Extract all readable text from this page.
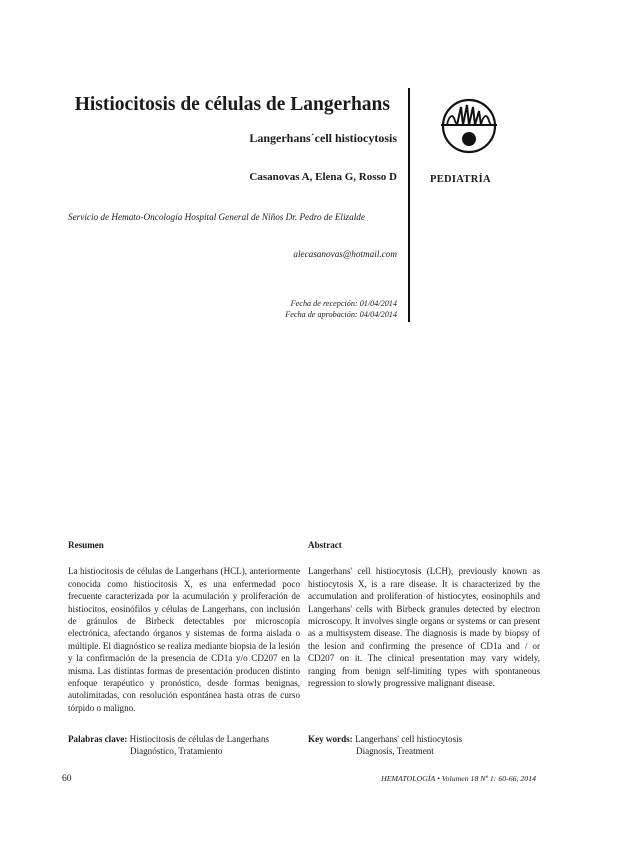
Histiocitosis de células de Langerhans
Langerhans´cell histiocytosis
Casanovas A, Elena G, Rosso D
Servicio de Hemato-Oncología Hospital General de Niños Dr. Pedro de Elizalde
alecasanovas@hotmail.com
Fecha de recepción: 01/04/2014
Fecha de aprobación: 04/04/2014
PEDIATRÍA
Resumen
La histiocitosis de células de Langerhans (HCL), anteriormente conocida como histiocitosis X, es una enfermedad poco frecuente caracterizada por la acumulación y proliferación de histiocitos, eosinófilos y células de Langerhans, con inclusión de gránulos de Birbeck detectables por microscopía electrónica, afectando órganos y sistemas de forma aislada o múltiple. El diagnóstico se realiza mediante biopsia de la lesión y la confirmación de la presencia de CD1a y/o CD207 en la misma. Las distintas formas de presentación producen distinto enfoque terapéutico y pronóstico, desde formas benignas, autolimitadas, con resolución espontánea hasta otras de curso tórpido o maligno.
Abstract
Langerhans' cell histiocytosis (LCH), previously known as histiocytosis X, is a rare disease. It is characterized by the accumulation and proliferation of histiocytes, eosinophils and Langerhans' cells with Birbeck granules detected by electron microscopy. It involves single organs or systems or can present as a multisystem disease. The diagnosis is made by biopsy of the lesion and confirming the presence of CD1a and / or CD207 on it. The clinical presentation may vary widely, ranging from benign self-limiting types with spontaneous regression to slowly progressive malignant disease.
Palabras clave: Histiocitosis de células de Langerhans
Diagnóstico, Tratamiento
Key words: Langerhans' cell histiocytosis
Diagnosis, Treatment
60	HEMATOLOGÍA • Volumen 18 Nº 1: 60-66, 2014
